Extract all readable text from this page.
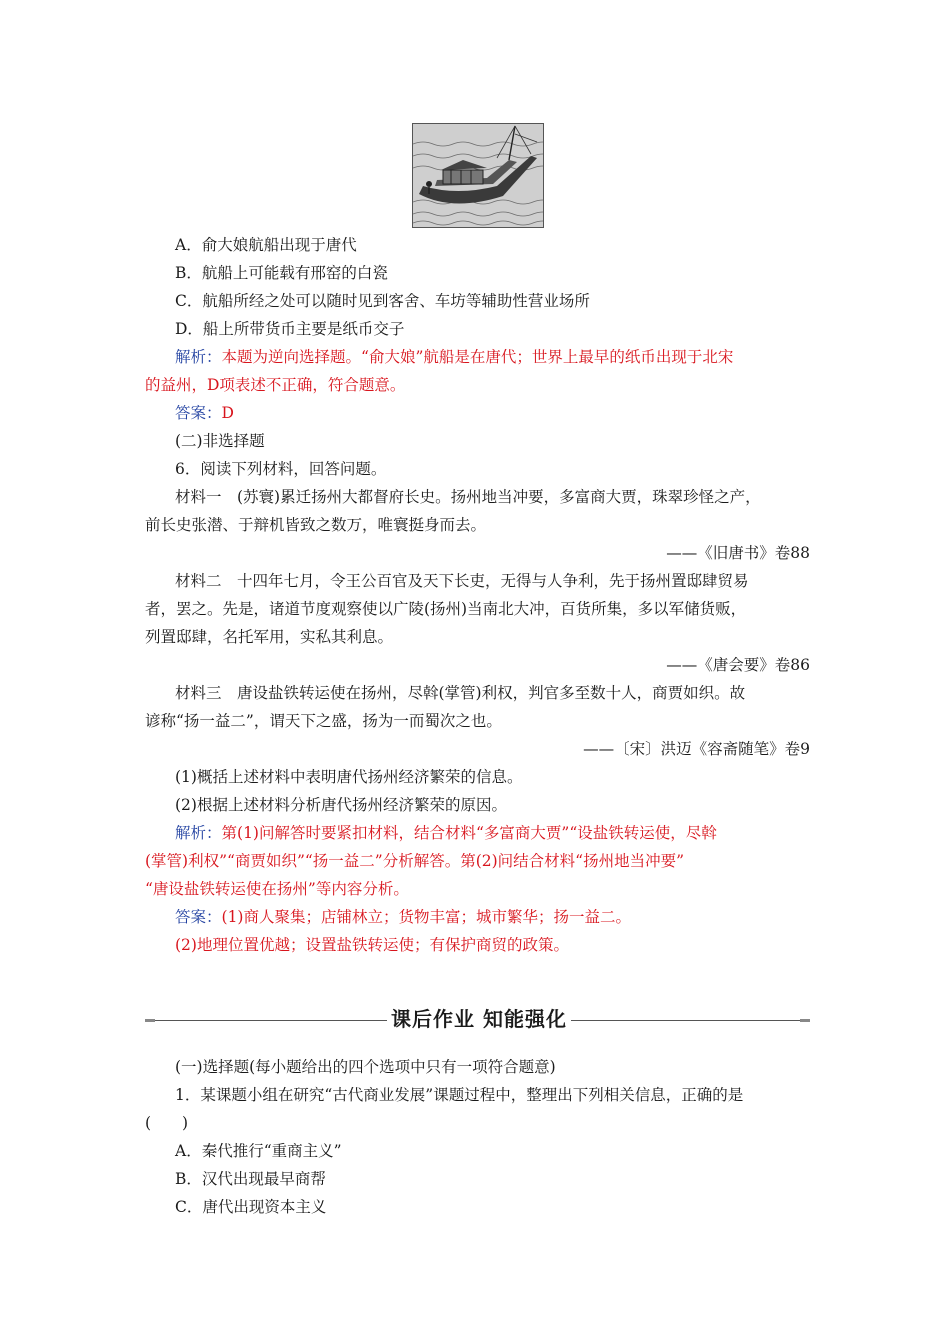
A．俞大娘航船出现于唐代
B．航船上可能载有邢窑的白瓷
C．航船所经之处可以随时见到客舍、车坊等辅助性营业场所
D．船上所带货币主要是纸币交子
解析：本题为逆向选择题。“俞大娘”航船是在唐代；世界上最早的纸币出现于北宋
的益州，D项表述不正确，符合题意。
答案：D
(二)非选择题
6．阅读下列材料，回答问题。
材料一　(苏寰)累迁扬州大都督府长史。扬州地当冲要，多富商大贾，珠翠珍怪之产，
前长史张潜、于辩机皆致之数万，唯寰挺身而去。
——《旧唐书》卷88
材料二　十四年七月，令王公百官及天下长吏，无得与人争利，先于扬州置邸肆贸易
者，罢之。先是，诸道节度观察使以广陵(扬州)当南北大冲，百货所集，多以军储货贩，
列置邸肆，名托军用，实私其利息。
——《唐会要》卷86
材料三　唐设盐铁转运使在扬州，尽斡(掌管)利权，判官多至数十人，商贾如织。故
谚称“扬一益二”，谓天下之盛，扬为一而蜀次之也。
——〔宋〕洪迈《容斋随笔》卷9
(1)概括上述材料中表明唐代扬州经济繁荣的信息。
(2)根据上述材料分析唐代扬州经济繁荣的原因。
解析：第(1)问解答时要紧扣材料，结合材料“多富商大贾”“设盐铁转运使，尽斡
(掌管)利权”“商贾如织”“扬一益二”分析解答。第(2)问结合材料“扬州地当冲要”
“唐设盐铁转运使在扬州”等内容分析。
答案：(1)商人聚集；店铺林立；货物丰富；城市繁华；扬一益二。
(2)地理位置优越；设置盐铁转运使；有保护商贸的政策。
课后作业 知能强化
(一)选择题(每小题给出的四个选项中只有一项符合题意)
1．某课题小组在研究“古代商业发展”课题过程中，整理出下列相关信息，正确的是
(　　)
A．秦代推行“重商主义”
B．汉代出现最早商帮
C．唐代出现资本主义
